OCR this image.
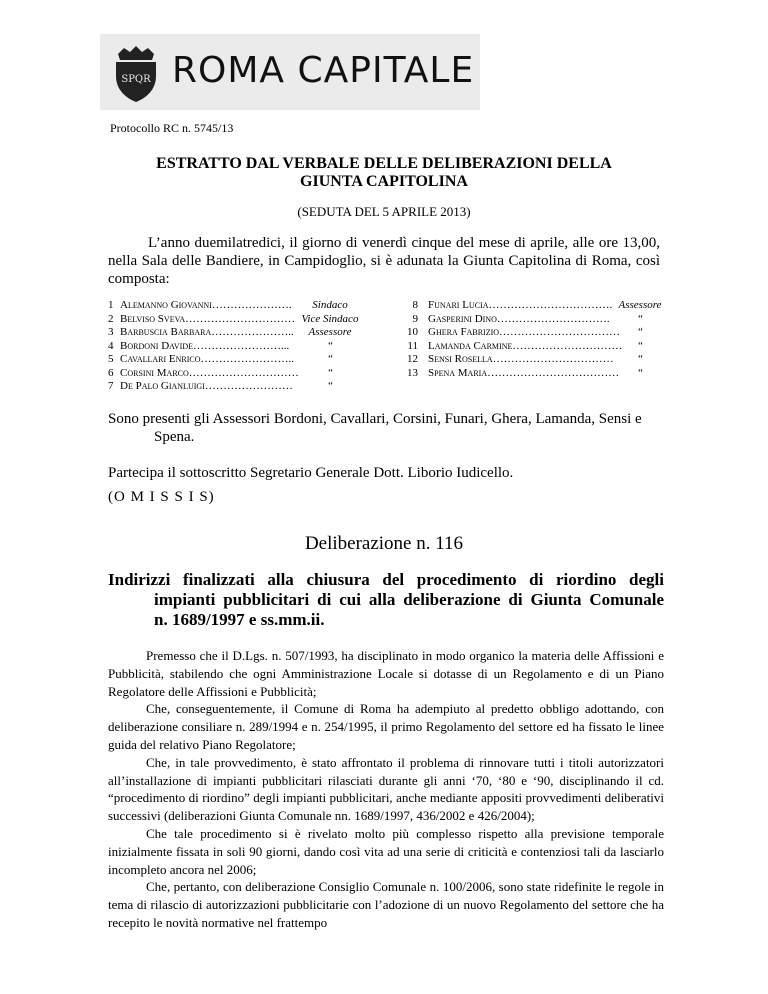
SPQR ROMA CAPITALE
Protocollo RC n. 5745/13
ESTRATTO DAL VERBALE DELLE DELIBERAZIONI DELLA
GIUNTA CAPITOLINA
(SEDUTA DEL 5 APRILE 2013)
L’anno duemilatredici, il giorno di venerdì cinque del mese di aprile, alle ore 13,00, nella Sala delle Bandiere, in Campidoglio, si è adunata la Giunta Capitolina di Roma, così composta:
1 Alemanno Giovanni………………….	Sindaco
2 Belviso Sveva………………………… Vice Sindaco
3 Barbuscia Barbara…………………..	Assessore
4 Bordoni Davide……………………...	“
5 Cavallari Enrico……………………..	“
6 Corsini Marco…………………………	“
7 De Palo Gianluigi……………………	“
8 Funari Lucia……………………………. Assessore
9 Gasperini Dino………………………….	“
10 Ghera Fabrizio……………………………	“
11 Lamanda Carmine…………………………	“
12 Sensi Rosella……………………………	“
13 Spena Maria………………………………	“
Sono presenti gli Assessori Bordoni, Cavallari, Corsini, Funari, Ghera, Lamanda, Sensi e
Spena.
Partecipa il sottoscritto Segretario Generale Dott. Liborio Iudicello.
(O M I S S I S)
Deliberazione n. 116
Indirizzi finalizzati alla chiusura del procedimento di riordino degli
impianti pubblicitari di cui alla deliberazione di Giunta Comunale
n. 1689/1997 e ss.mm.ii.

Premesso che il D.Lgs. n. 507/1993, ha disciplinato in modo organico la materia delle Affissioni e Pubblicità, stabilendo che ogni Amministrazione Locale si dotasse di un Regolamento e di un Piano Regolatore delle Affissioni e Pubblicità;

Che, conseguentemente, il Comune di Roma ha adempiuto al predetto obbligo adottando, con deliberazione consiliare n. 289/1994 e n. 254/1995, il primo Regolamento del settore ed ha fissato le linee guida del relativo Piano Regolatore;

Che, in tale provvedimento, è stato affrontato il problema di rinnovare tutti i titoli autorizzatori all’installazione di impianti pubblicitari rilasciati durante gli anni ‘70, ‘80 e ‘90, disciplinando il cd. “procedimento di riordino” degli impianti pubblicitari, anche mediante appositi provvedimenti deliberativi successivi (deliberazioni Giunta Comunale nn. 1689/1997, 436/2002 e 426/2004);

Che tale procedimento si è rivelato molto più complesso rispetto alla previsione temporale inizialmente fissata in soli 90 giorni, dando così vita ad una serie di criticità e contenziosi tali da lasciarlo incompleto ancora nel 2006;

Che, pertanto, con deliberazione Consiglio Comunale n. 100/2006, sono state ridefinite le regole in tema di rilascio di autorizzazioni pubblicitarie con l’adozione di un nuovo Regolamento del settore che ha recepito le novità normative nel frattempo
